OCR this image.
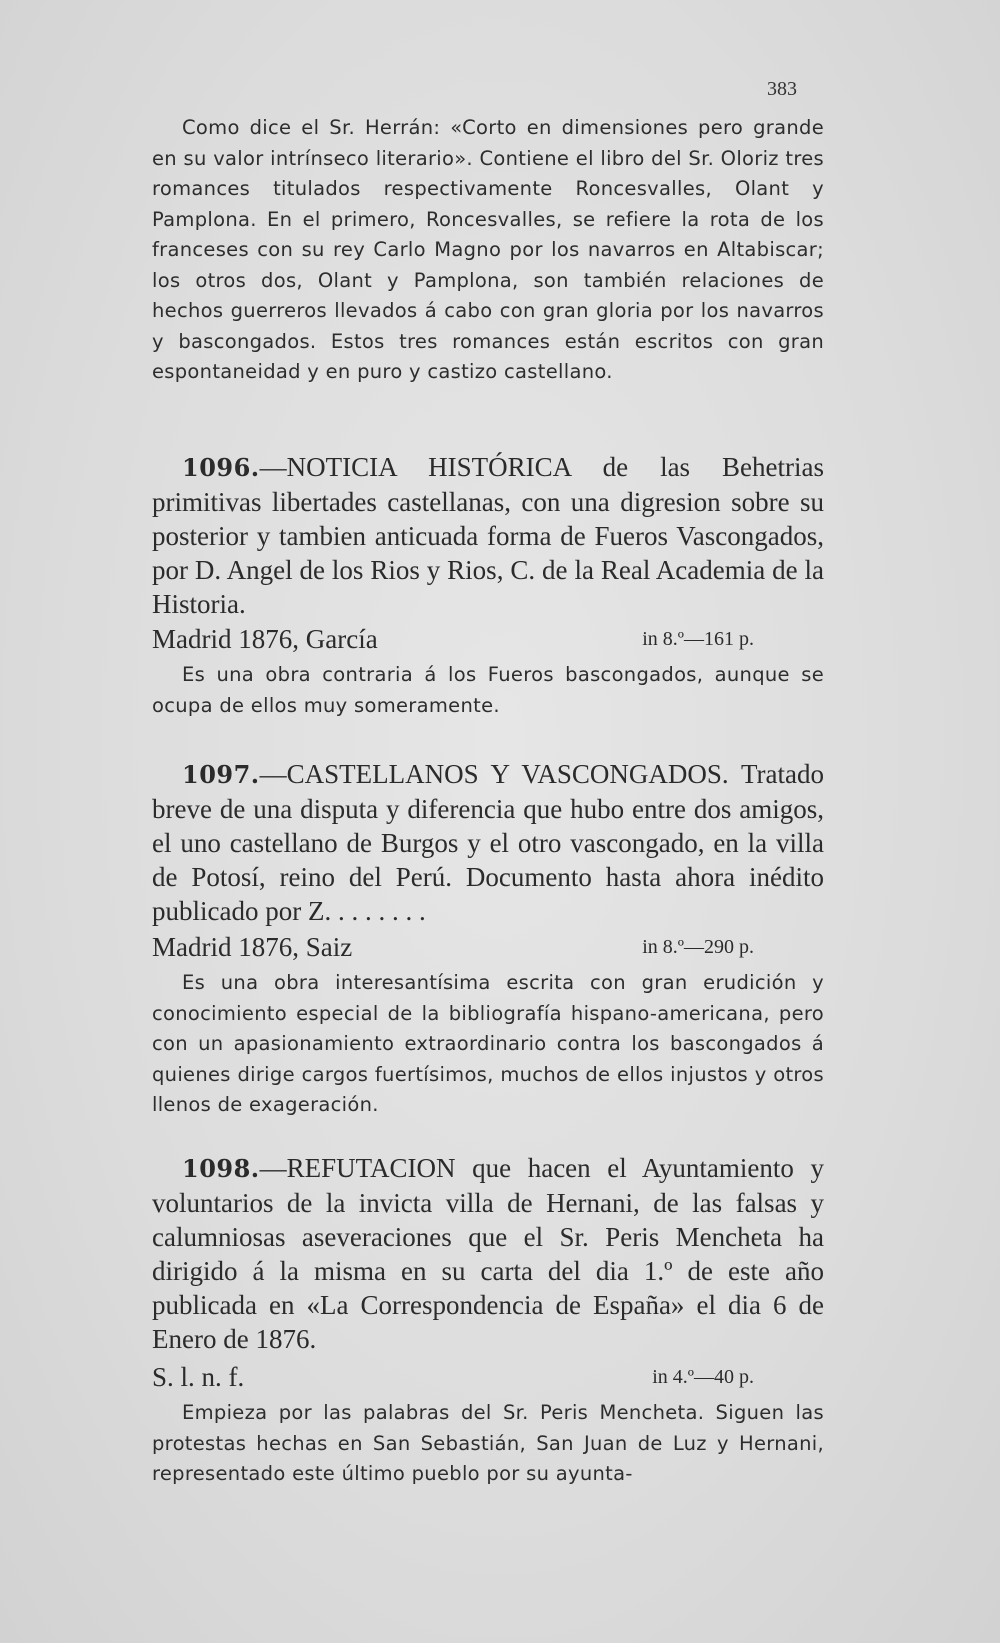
383
Como dice el Sr. Herrán: «Corto en dimensiones pero grande en su valor intrínseco literario». Contiene el libro del Sr. Oloriz tres romances titulados respectivamente Roncesvalles, Olant y Pamplona. En el primero, Roncesvalles, se refiere la rota de los franceses con su rey Carlo Magno por los navarros en Altabiscar; los otros dos, Olant y Pamplona, son también relaciones de hechos guerreros llevados á cabo con gran gloria por los navarros y bascongados. Estos tres romances están escritos con gran espontaneidad y en puro y castizo castellano.
1096.—NOTICIA HISTÓRICA de las Behetrias primitivas libertades castellanas, con una digresion sobre su posterior y tambien anticuada forma de Fueros Vascongados, por D. Angel de los Rios y Rios, C. de la Real Academia de la Historia.
Madrid 1876, García	in 8.º—161 p.
Es una obra contraria á los Fueros bascongados, aunque se ocupa de ellos muy someramente.
1097.—CASTELLANOS Y VASCONGADOS. Tratado breve de una disputa y diferencia que hubo entre dos amigos, el uno castellano de Burgos y el otro vascongado, en la villa de Potosí, reino del Perú. Documento hasta ahora inédito publicado por Z. . . . . . . .
Madrid 1876, Saiz	in 8.º—290 p.
Es una obra interesantísima escrita con gran erudición y conocimiento especial de la bibliografía hispano-americana, pero con un apasionamiento extraordinario contra los bascongados á quienes dirige cargos fuertísimos, muchos de ellos injustos y otros llenos de exageración.
1098.—REFUTACION que hacen el Ayuntamiento y voluntarios de la invicta villa de Hernani, de las falsas y calumniosas aseveraciones que el Sr. Peris Mencheta ha dirigido á la misma en su carta del dia 1.º de este año publicada en «La Correspondencia de España» el dia 6 de Enero de 1876.
S. l. n. f.	in 4.º—40 p.
Empieza por las palabras del Sr. Peris Mencheta. Siguen las protestas hechas en San Sebastián, San Juan de Luz y Hernani, representado este último pueblo por su ayunta-
